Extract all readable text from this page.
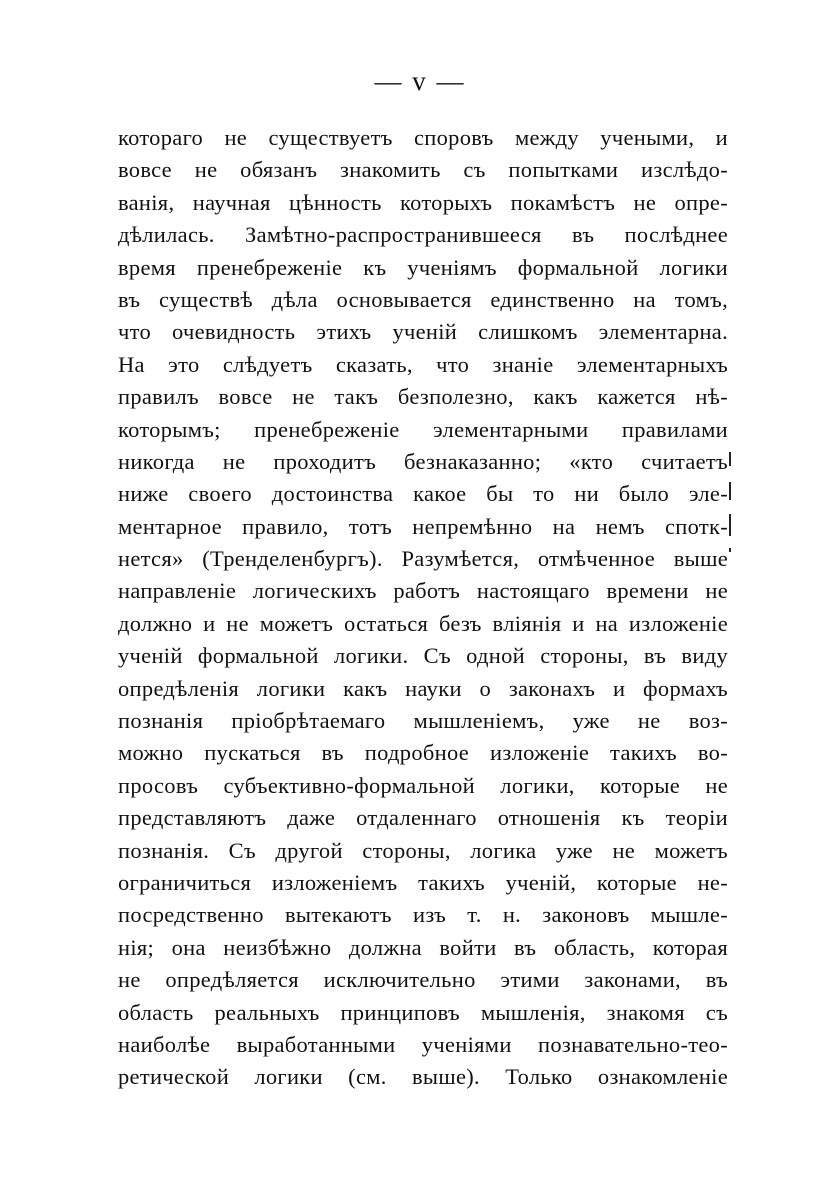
— v —
котораго не существуетъ споровъ между учеными, и
вовсе не обязанъ знакомить съ попытками изслѣдо-
ванія, научная цѣнность которыхъ покамѣстъ не опре-
дѣлилась. Замѣтно-распространившееся въ послѣднее
время пренебреженіе къ ученіямъ формальной логики
въ существѣ дѣла основывается единственно на томъ,
что очевидность этихъ ученій слишкомъ элементарна.
На это слѣдуетъ сказать, что знаніе элементарныхъ
правилъ вовсе не такъ безполезно, какъ кажется нѣ-
которымъ; пренебреженіе элементарными правилами
никогда не проходитъ безнаказанно; «кто считаетъ
ниже своего достоинства какое бы то ни было эле-
ментарное правило, тотъ непремѣнно на немъ спотк-
нется» (Тренделенбургъ). Разумѣется, отмѣченное выше
направленіе логическихъ работъ настоящаго времени не
должно и не можетъ остаться безъ вліянія и на изложеніе
ученій формальной логики. Съ одной стороны, въ виду
опредѣленія логики какъ науки о законахъ и формахъ
познанія пріобрѣтаемаго мышленіемъ, уже не воз-
можно пускаться въ подробное изложеніе такихъ во-
просовъ субъективно-формальной логики, которые не
представляютъ даже отдаленнаго отношенія къ теоріи
познанія. Съ другой стороны, логика уже не можетъ
ограничиться изложеніемъ такихъ ученій, которые не-
посредственно вытекаютъ изъ т. н. законовъ мышле-
нія; она неизбѣжно должна войти въ область, которая
не опредѣляется исключительно этими законами, въ
область реальныхъ принциповъ мышленія, знакомя съ
наиболѣе выработанными ученіями познавательно-тео-
ретической логики (см. выше). Только ознакомленіе
